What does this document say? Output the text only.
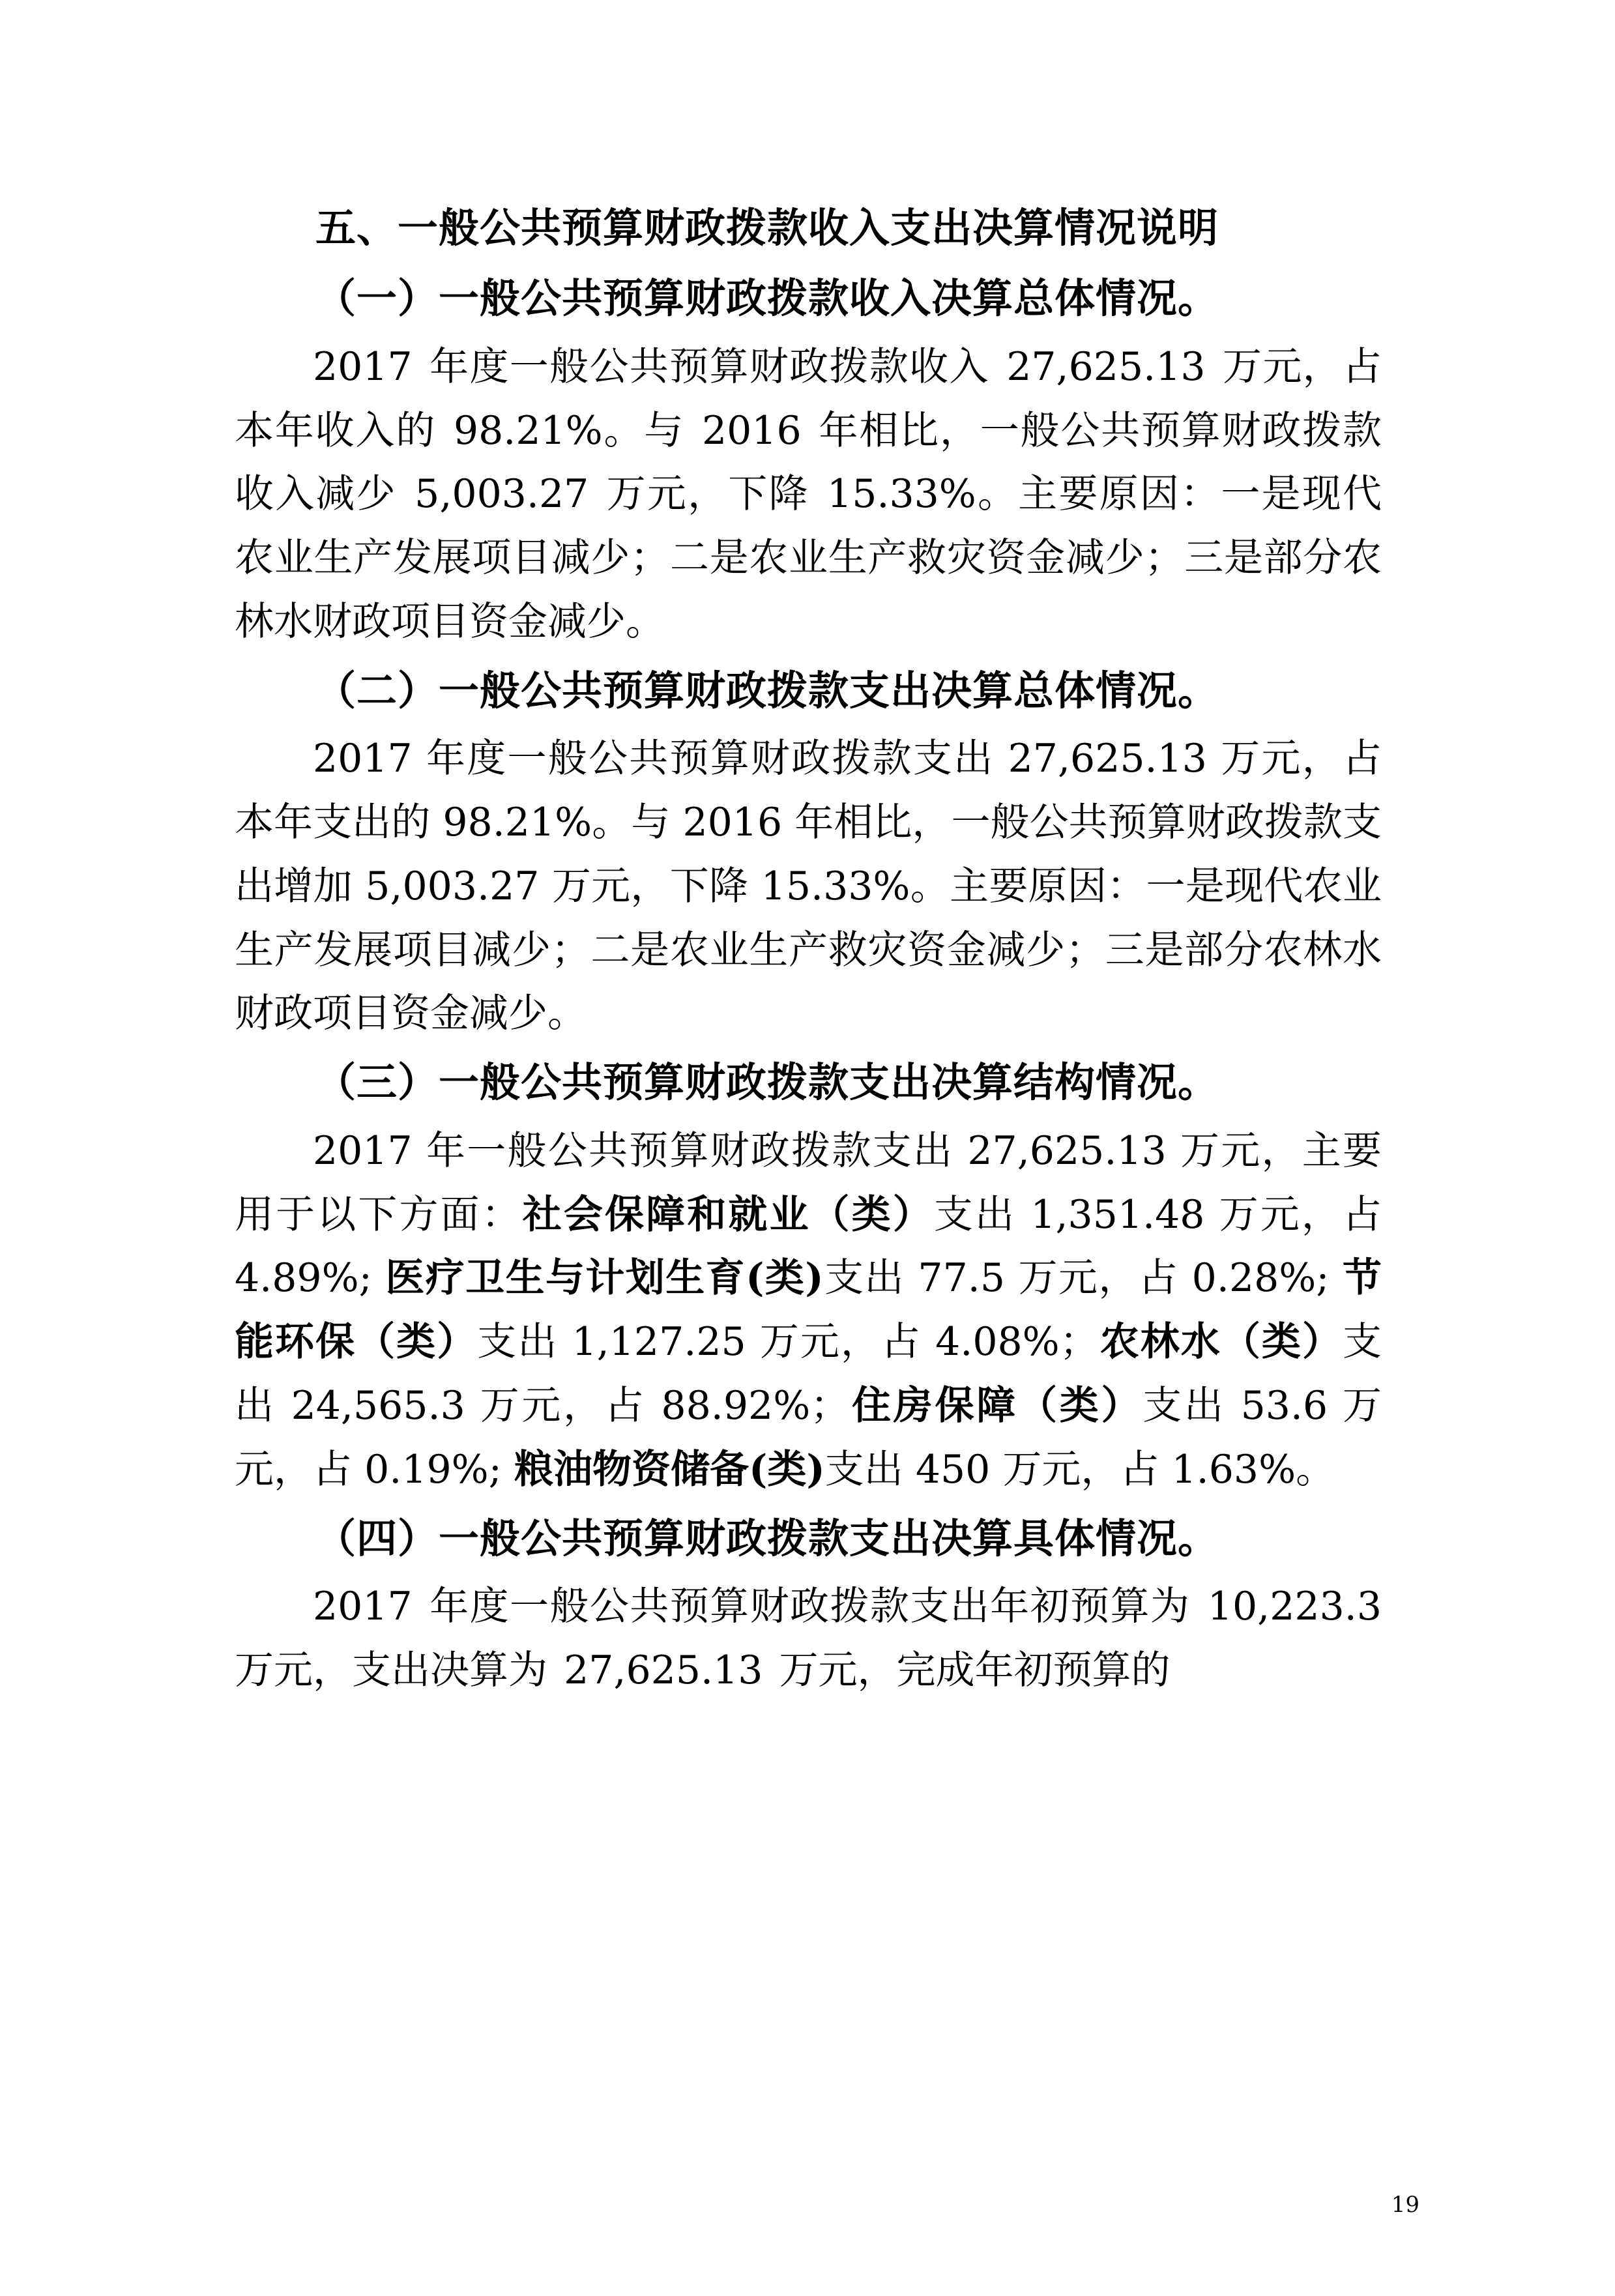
五、一般公共预算财政拨款收入支出决算情况说明
（一）一般公共预算财政拨款收入决算总体情况。
2017 年度一般公共预算财政拨款收入 27,625.13 万元，占本年收入的 98.21%。与 2016 年相比，一般公共预算财政拨款收入减少 5,003.27 万元，下降 15.33%。主要原因：一是现代农业生产发展项目减少；二是农业生产救灾资金减少；三是部分农林水财政项目资金减少。
（二）一般公共预算财政拨款支出决算总体情况。
2017 年度一般公共预算财政拨款支出 27,625.13 万元，占本年支出的 98.21%。与 2016 年相比，一般公共预算财政拨款支出增加 5,003.27 万元，下降 15.33%。主要原因：一是现代农业生产发展项目减少；二是农业生产救灾资金减少；三是部分农林水财政项目资金减少。
（三）一般公共预算财政拨款支出决算结构情况。
2017 年一般公共预算财政拨款支出 27,625.13 万元，主要用于以下方面：社会保障和就业（类）支出 1,351.48 万元，占 4.89%; 医疗卫生与计划生育(类)支出 77.5 万元，占 0.28%; 节能环保（类）支出 1,127.25 万元，占 4.08%；农林水（类）支出 24,565.3 万元，占 88.92%；住房保障（类）支出 53.6 万元，占 0.19%; 粮油物资储备(类)支出 450 万元，占 1.63%。
（四）一般公共预算财政拨款支出决算具体情况。
2017 年度一般公共预算财政拨款支出年初预算为 10,223.3 万元，支出决算为 27,625.13 万元，完成年初预算的
19
